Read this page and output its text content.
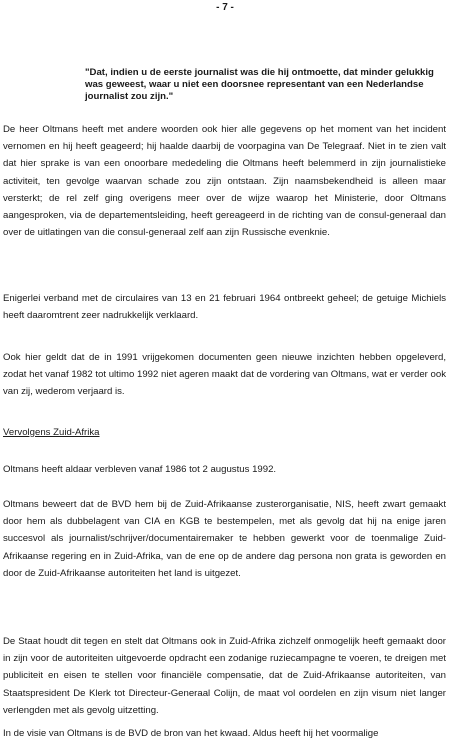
- 7 -
"Dat, indien u de eerste journalist was die hij ontmoette, dat minder gelukkig was geweest, waar u niet een doorsnee representant van een Nederlandse journalist zou zijn."
De heer Oltmans heeft met andere woorden ook hier alle gegevens op het moment van het incident vernomen en hij heeft geageerd; hij haalde daarbij de voorpagina van De Telegraaf. Niet in te zien valt dat hier sprake is van een onoorbare mededeling die Oltmans heeft belemmerd in zijn journalistieke activiteit, ten gevolge waarvan schade zou zijn ontstaan. Zijn naamsbekendheid is alleen maar versterkt; de rel zelf ging overigens meer over de wijze waarop het Ministerie, door Oltmans aangesproken, via de departementsleiding, heeft gereageerd in de richting van de consul-generaal dan over de uitlatingen van die consul-generaal zelf aan zijn Russische evenknie.
Enigerlei verband met de circulaires van 13 en 21 februari 1964 ontbreekt geheel; de getuige Michiels heeft daaromtrent zeer nadrukkelijk verklaard.
Ook hier geldt dat de in 1991 vrijgekomen documenten geen nieuwe inzichten hebben opgeleverd, zodat het vanaf 1982 tot ultimo 1992 niet ageren maakt dat de vordering van Oltmans, wat er verder ook van zij, wederom verjaard is.
Vervolgens Zuid-Afrika
Oltmans heeft aldaar verbleven vanaf 1986 tot 2 augustus 1992.
Oltmans beweert dat de BVD hem bij de Zuid-Afrikaanse zusterorganisatie, NIS, heeft zwart gemaakt door hem als dubbelagent van CIA en KGB te bestempelen, met als gevolg dat hij na enige jaren succesvol als journalist/schrijver/documentairemaker te hebben gewerkt voor de toenmalige Zuid-Afrikaanse regering en in Zuid-Afrika, van de ene op de andere dag persona non grata is geworden en door de Zuid-Afrikaanse autoriteiten het land is uitgezet.
De Staat houdt dit tegen en stelt dat Oltmans ook in Zuid-Afrika zichzelf onmogelijk heeft gemaakt door in zijn voor de autoriteiten uitgevoerde opdracht een zodanige ruziecampagne te voeren, te dreigen met publiciteit en eisen te stellen voor financiële compensatie, dat de Zuid-Afrikaanse autoriteiten, van Staatspresident De Klerk tot Directeur-Generaal Colijn, de maat vol oordelen en zijn visum niet langer verlengden met als gevolg uitzetting.
In de visie van Oltmans is de BVD de bron van het kwaad. Aldus heeft hij het voormalige
